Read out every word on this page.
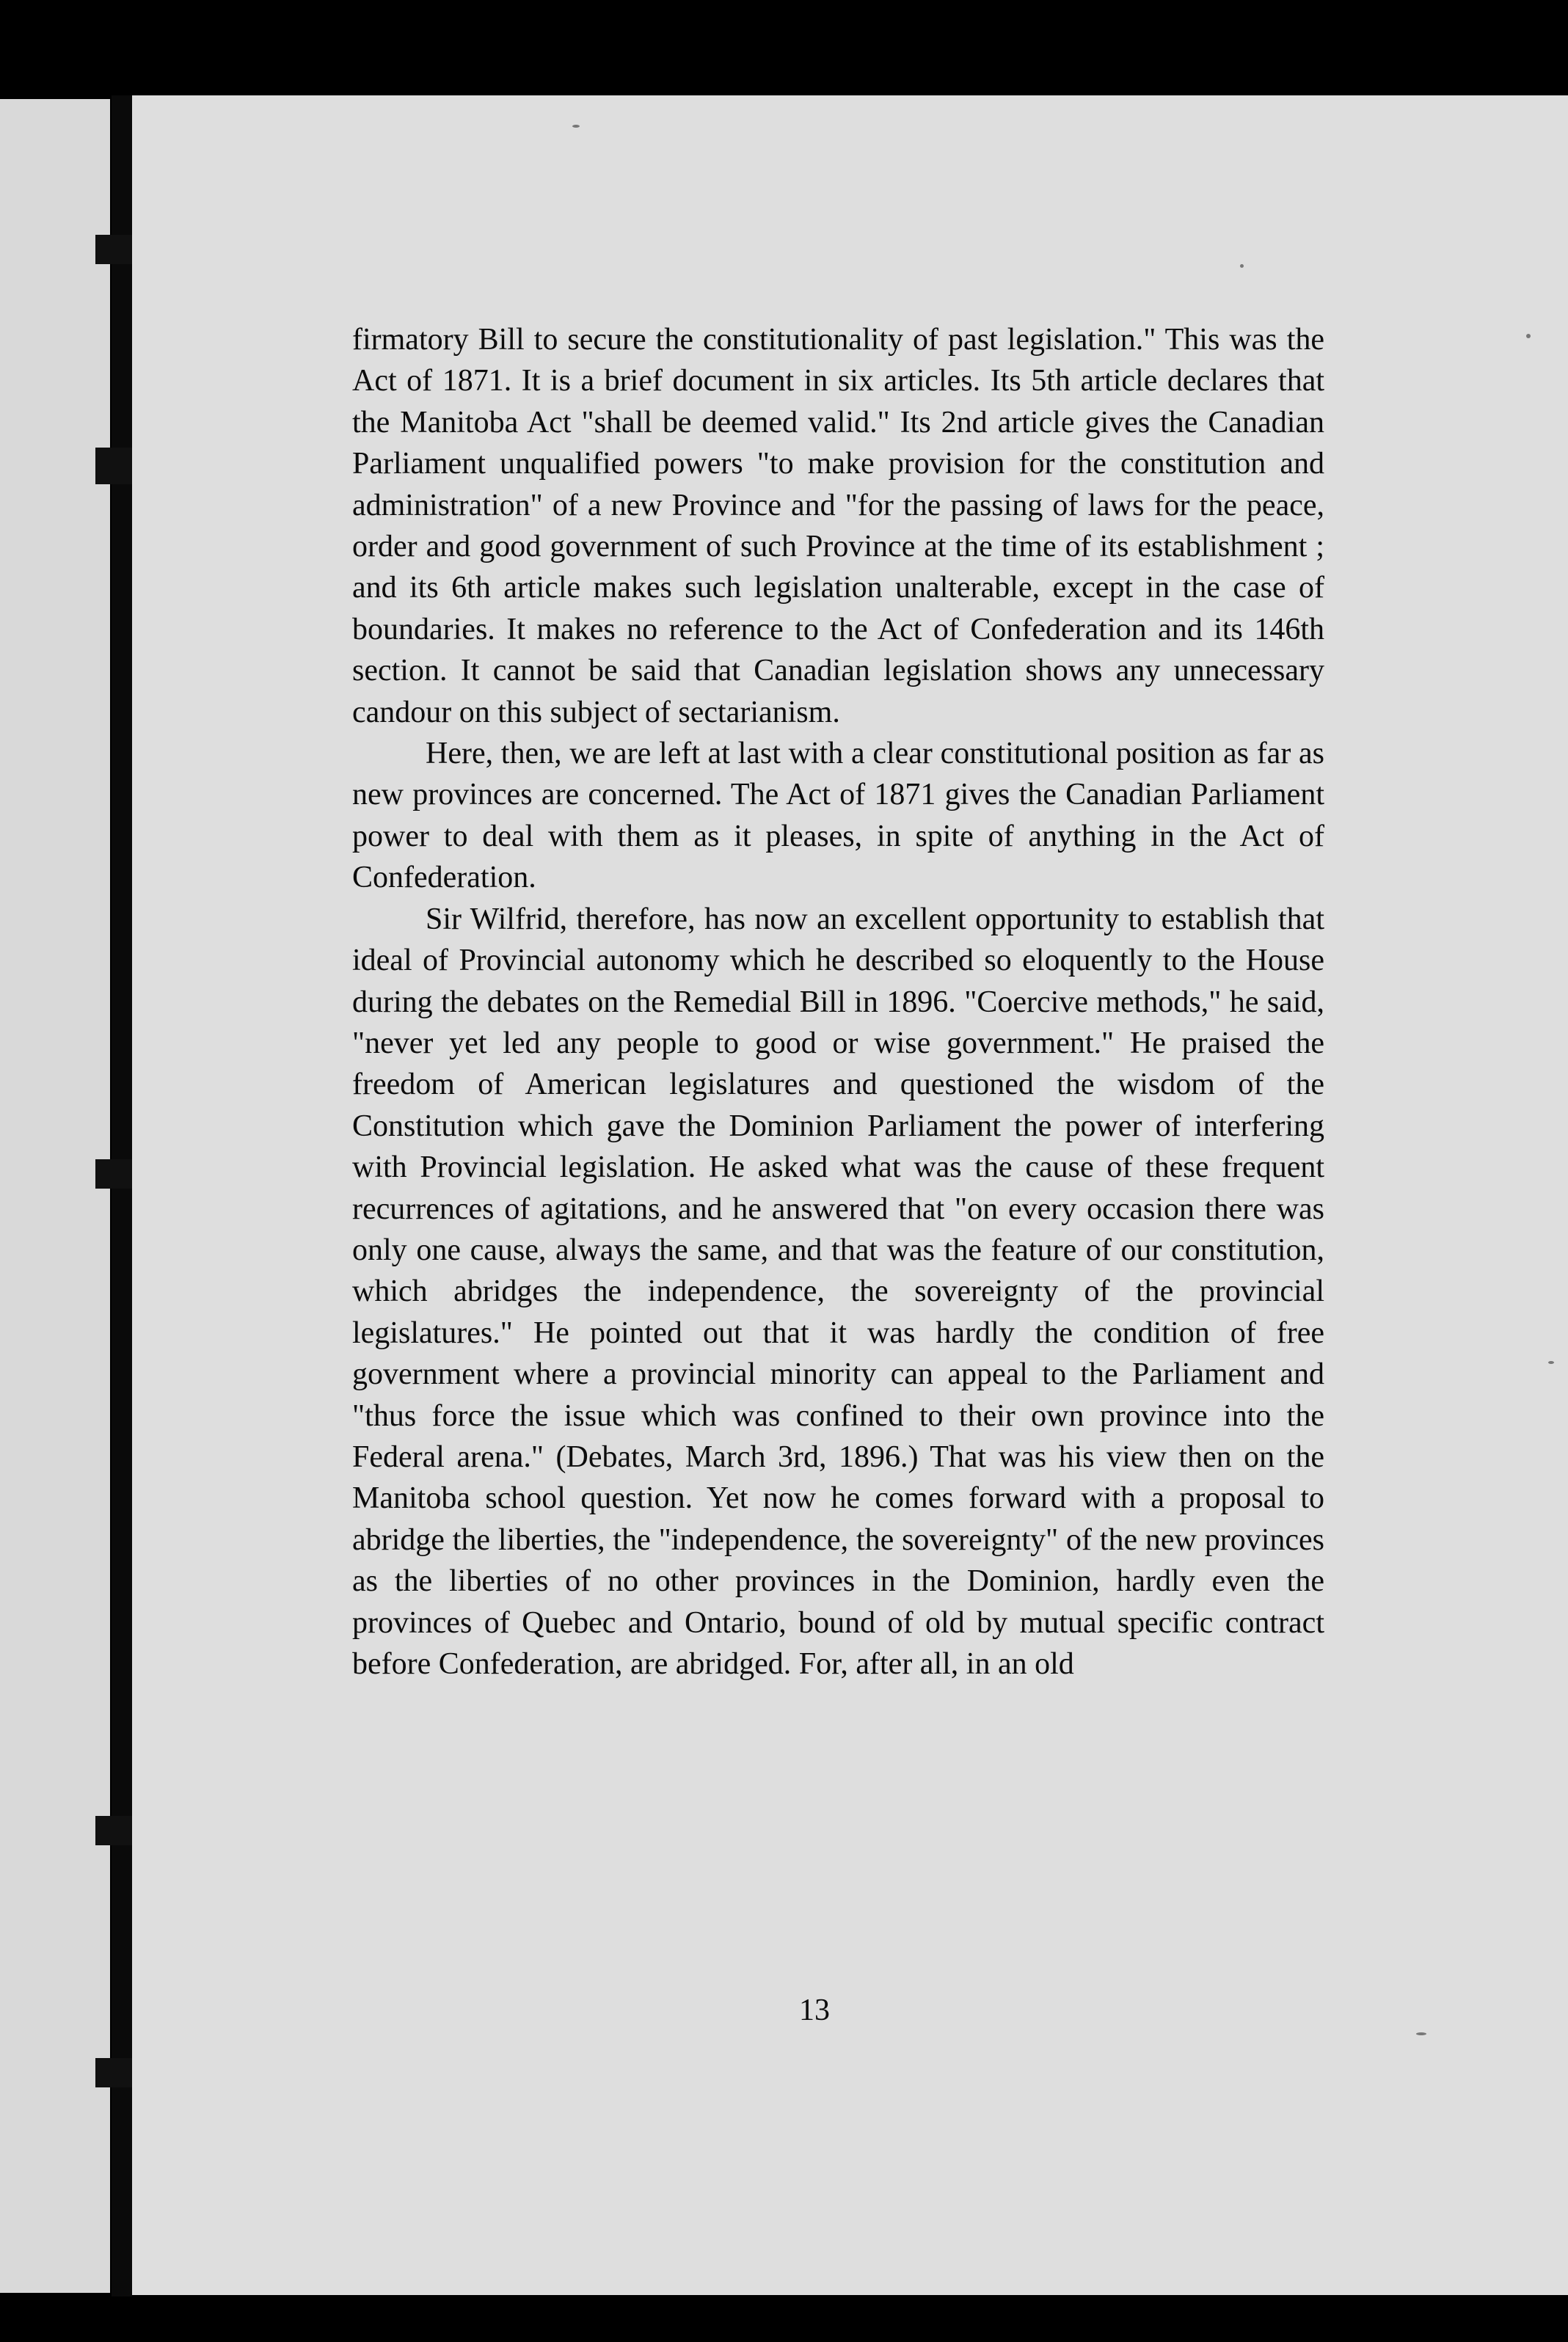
firmatory Bill to secure the constitutionality of past legislation." This was the Act of 1871. It is a brief document in six articles. Its 5th article declares that the Manitoba Act "shall be deemed valid." Its 2nd article gives the Canadian Parliament unqualified powers "to make provision for the constitution and administration" of a new Province and "for the passing of laws for the peace, order and good government of such Province at the time of its establishment ; and its 6th article makes such legislation unalterable, except in the case of boundaries. It makes no reference to the Act of Confederation and its 146th section. It cannot be said that Canadian legislation shows any unnecessary candour on this subject of sectarianism.

Here, then, we are left at last with a clear constitutional position as far as new provinces are concerned. The Act of 1871 gives the Canadian Parliament power to deal with them as it pleases, in spite of anything in the Act of Confederation.

Sir Wilfrid, therefore, has now an excellent opportunity to establish that ideal of Provincial autonomy which he described so eloquently to the House during the debates on the Remedial Bill in 1896. "Coercive methods," he said, "never yet led any people to good or wise government." He praised the freedom of American legislatures and questioned the wisdom of the Constitution which gave the Dominion Parliament the power of interfering with Provincial legislation. He asked what was the cause of these frequent recurrences of agitations, and he answered that "on every occasion there was only one cause, always the same, and that was the feature of our constitution, which abridges the independence, the sovereignty of the provincial legislatures." He pointed out that it was hardly the condition of free government where a provincial minority can appeal to the Parliament and "thus force the issue which was confined to their own province into the Federal arena." (Debates, March 3rd, 1896.) That was his view then on the Manitoba school question. Yet now he comes forward with a proposal to abridge the liberties, the "independence, the sovereignty" of the new provinces as the liberties of no other provinces in the Dominion, hardly even the provinces of Quebec and Ontario, bound of old by mutual specific contract before Confederation, are abridged. For, after all, in an old

13
